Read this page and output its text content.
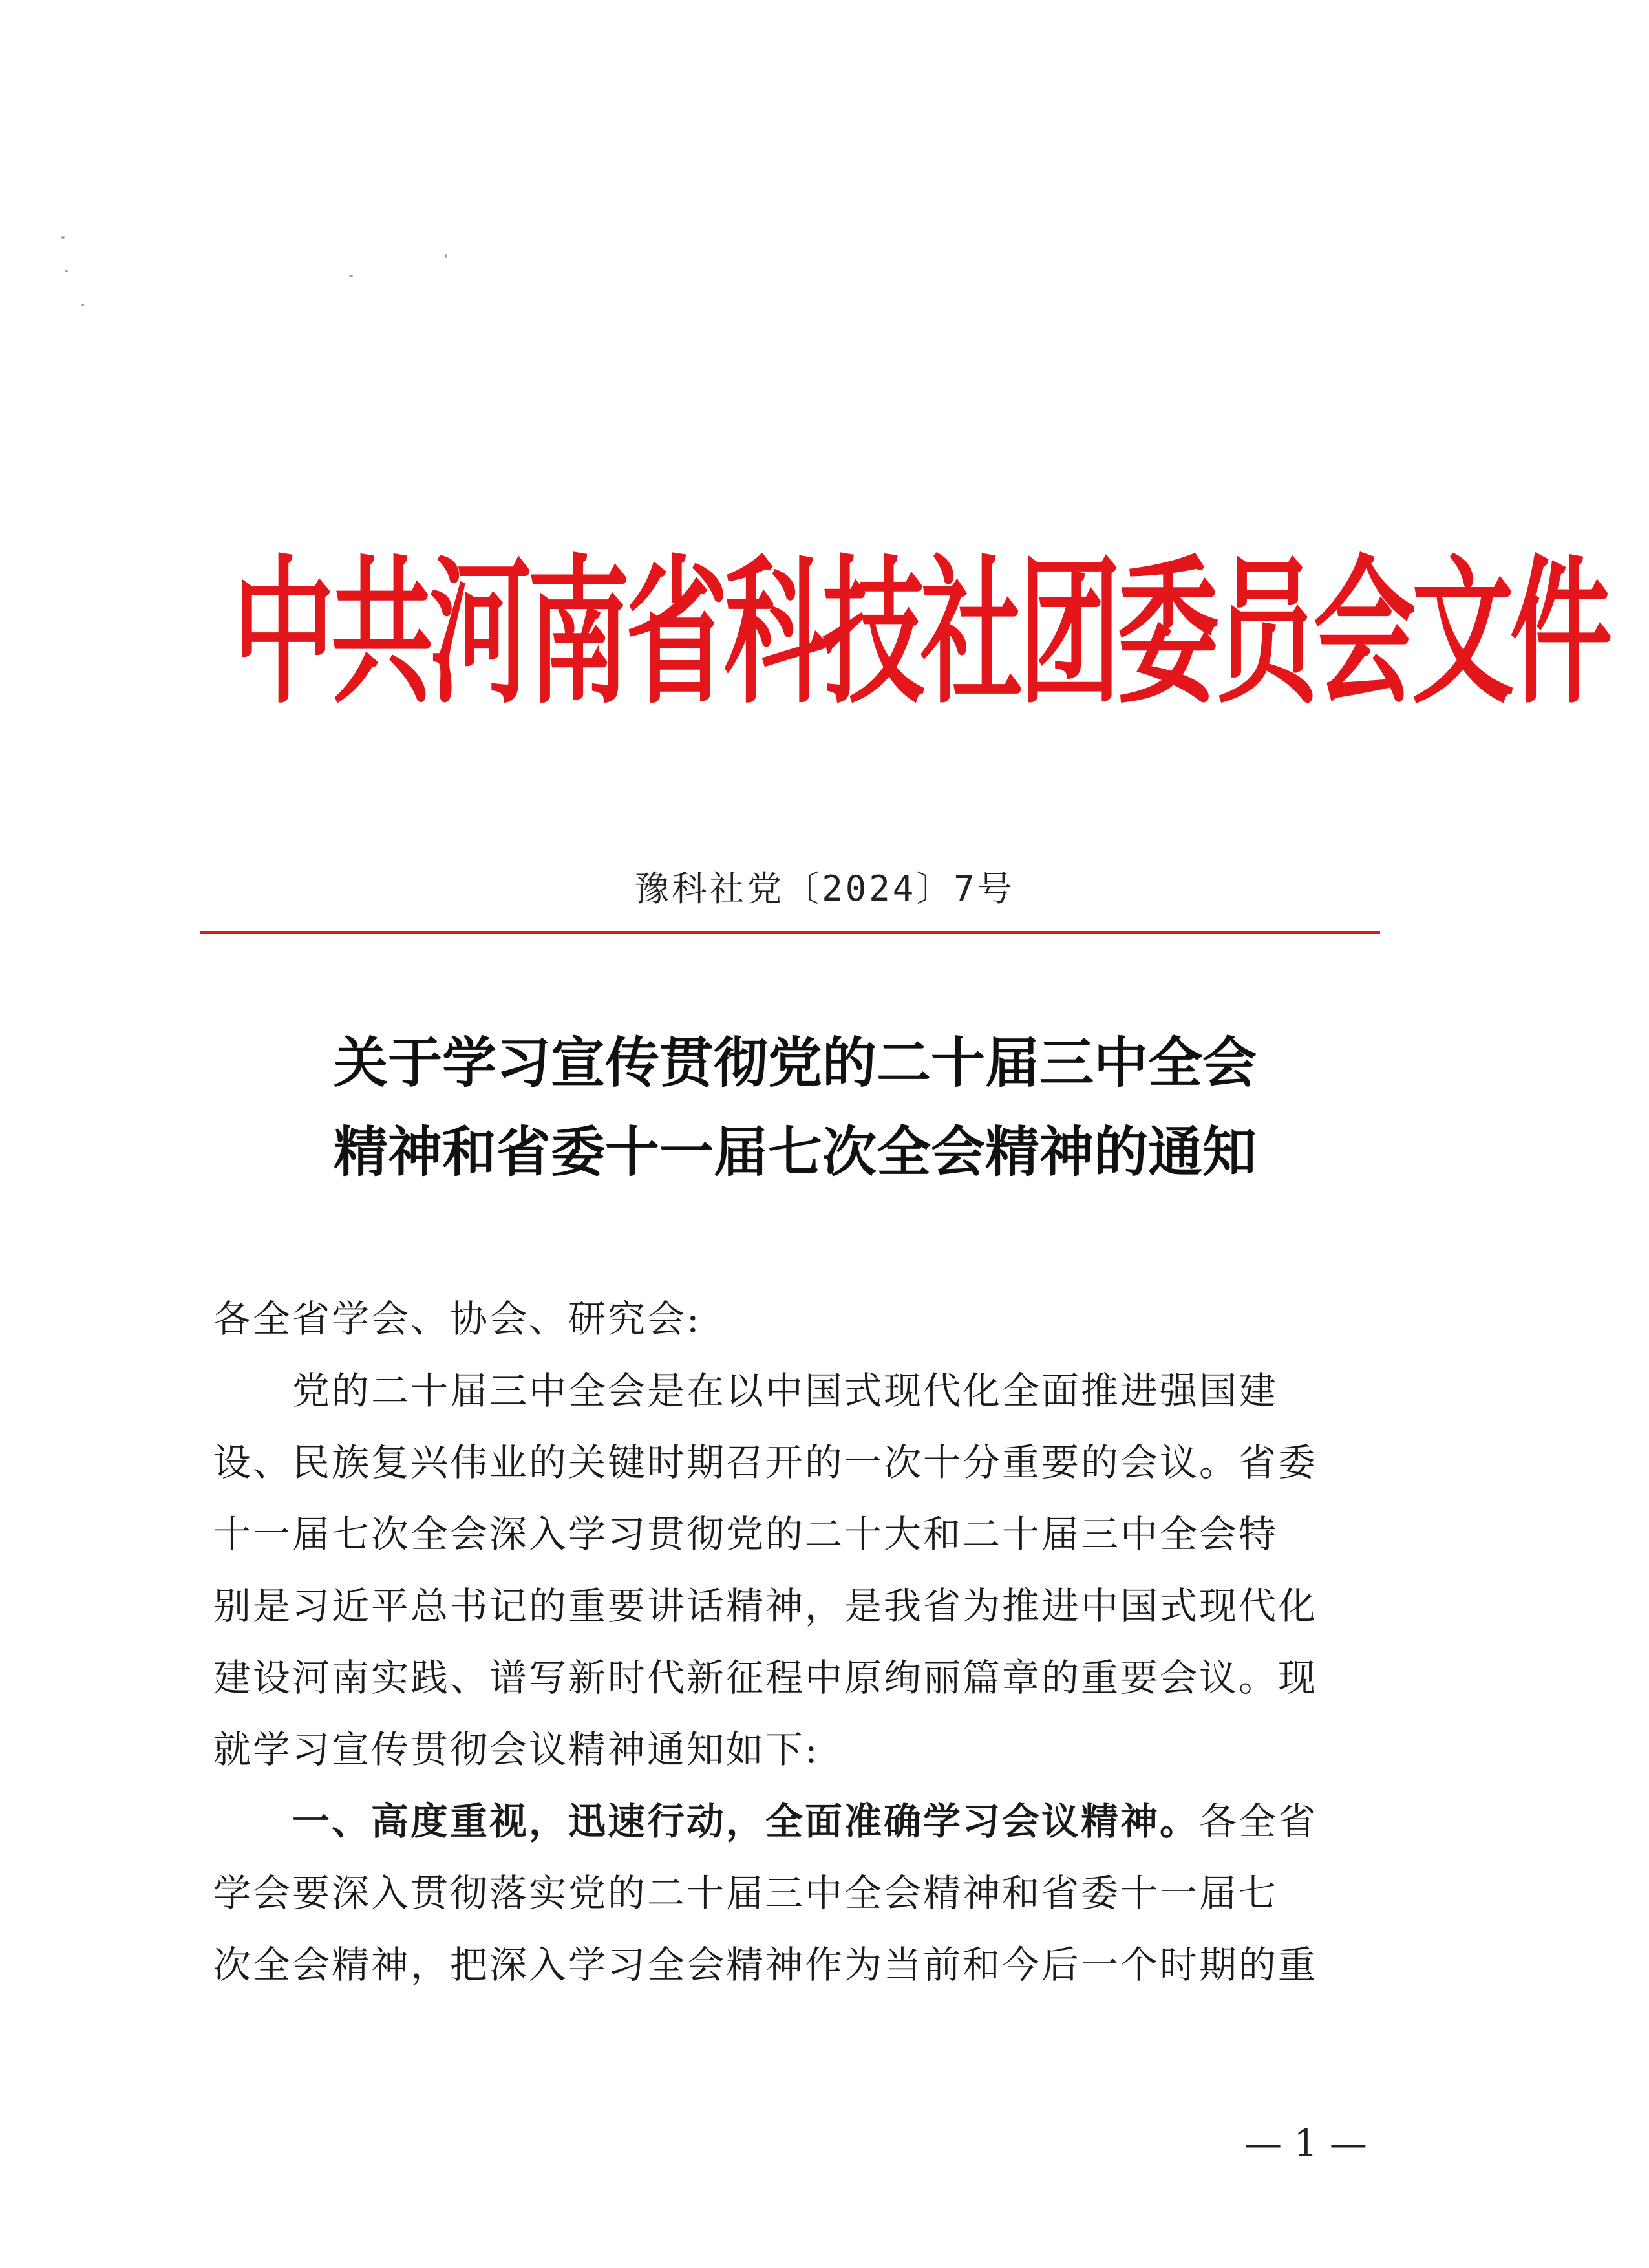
中共河南省科技社团委员会文件
豫科社党〔2024〕7号
关于学习宣传贯彻党的二十届三中全会
精神和省委十一届七次全会精神的通知
各全省学会、协会、研究会:
党的二十届三中全会是在以中国式现代化全面推进强国建
设、民族复兴伟业的关键时期召开的一次十分重要的会议。省委
十一届七次全会深入学习贯彻党的二十大和二十届三中全会特
别是习近平总书记的重要讲话精神，是我省为推进中国式现代化
建设河南实践、谱写新时代新征程中原绚丽篇章的重要会议。现
就学习宣传贯彻会议精神通知如下:
一、高度重视，迅速行动，全面准确学习会议精神。各全省
学会要深入贯彻落实党的二十届三中全会精神和省委十一届七
次全会精神，把深入学习全会精神作为当前和今后一个时期的重
— 1 —
